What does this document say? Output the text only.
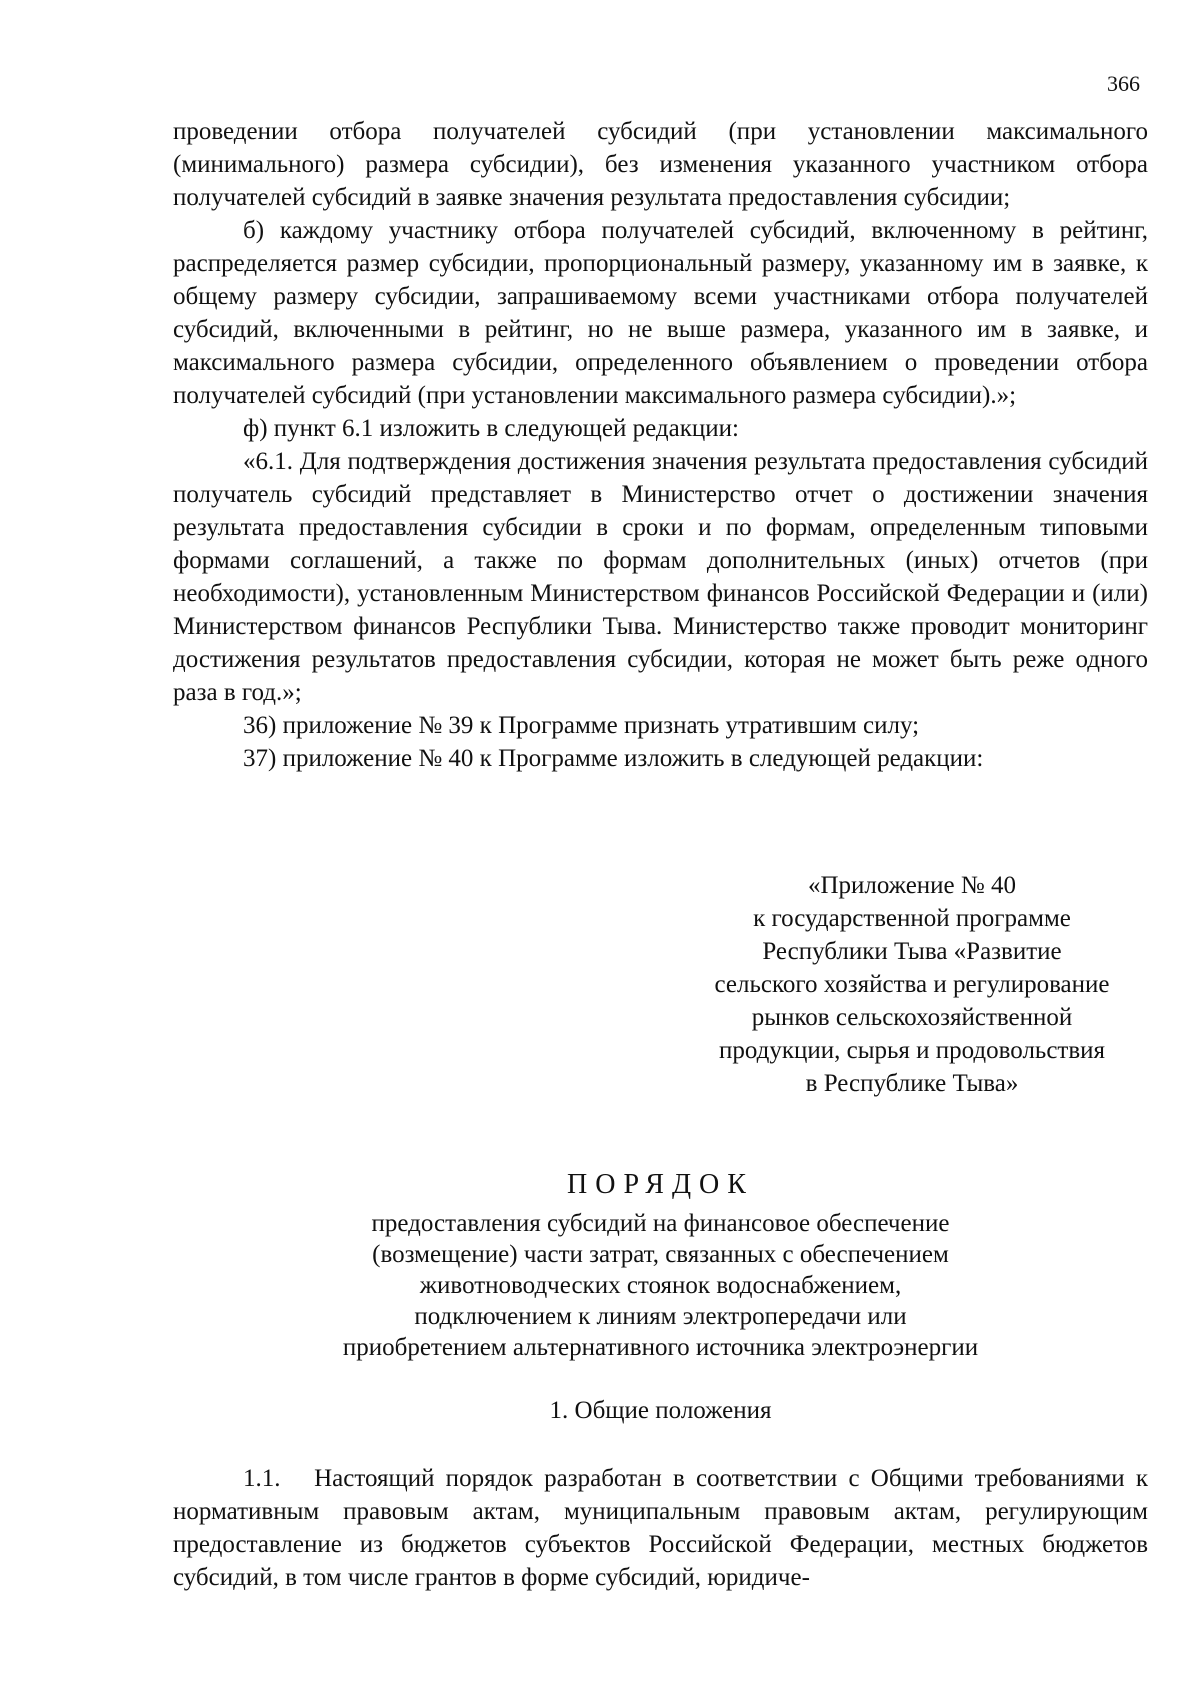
366

проведении отбора получателей субсидий (при установлении максимального (минимального) размера субсидии), без изменения указанного участником отбора получателей субсидий в заявке значения результата предоставления субсидии;

б) каждому участнику отбора получателей субсидий, включенному в рейтинг, распределяется размер субсидии, пропорциональный размеру, указанному им в заявке, к общему размеру субсидии, запрашиваемому всеми участниками отбора получателей субсидий, включенными в рейтинг, но не выше размера, указанного им в заявке, и максимального размера субсидии, определенного объявлением о проведении отбора получателей субсидий (при установлении максимального размера субсидии).»;

ф) пункт 6.1 изложить в следующей редакции:

«6.1. Для подтверждения достижения значения результата предоставления субсидий получатель субсидий представляет в Министерство отчет о достижении значения результата предоставления субсидии в сроки и по формам, определенным типовыми формами соглашений, а также по формам дополнительных (иных) отчетов (при необходимости), установленным Министерством финансов Российской Федерации и (или) Министерством финансов Республики Тыва. Министерство также проводит мониторинг достижения результатов предоставления субсидии, которая не может быть реже одного раза в год.»;

36) приложение № 39 к Программе признать утратившим силу;

37) приложение № 40 к Программе изложить в следующей редакции:

«Приложение № 40
к государственной программе
Республики Тыва «Развитие
сельского хозяйства и регулирование
рынков сельскохозяйственной
продукции, сырья и продовольствия
в Республике Тыва»
ПОРЯДОК
предоставления субсидий на финансовое обеспечение
(возмещение) части затрат, связанных с обеспечением
животноводческих стоянок водоснабжением,
подключением к линиям электропередачи или
приобретением альтернативного источника электроэнергии
1. Общие положения

1.1.   Настоящий порядок разработан в соответствии с Общими требованиями к нормативным правовым актам, муниципальным правовым актам, регулирующим предоставление из бюджетов субъектов Российской Федерации, местных бюджетов субсидий, в том числе грантов в форме субсидий, юридиче-
